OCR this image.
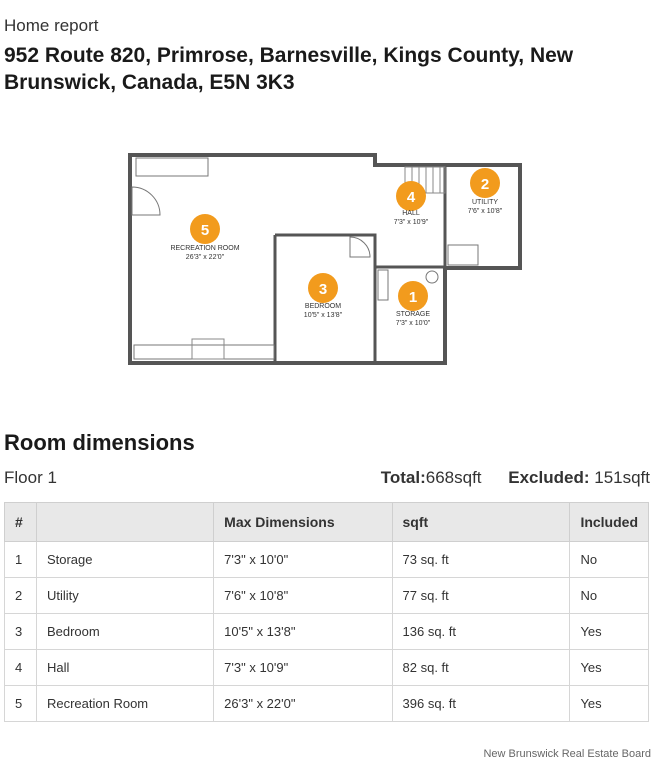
Home report
952 Route 820, Primrose, Barnesville, Kings County, New Brunswick, Canada, E5N 3K3
5
RECREATION ROOM
26'3" x 22'0"
4
HALL
7'3" x 10'9"
2
UTILITY
7'6" x 10'8"
3
BEDROOM
10'5" x 13'8"
1
STORAGE
7'3" x 10'0"
Room dimensions
Floor 1	Total:668sqft Excluded: 151sqft
#		Max Dimensions	sqft	Included
1	Storage	7'3" x 10'0"	73 sq. ft	No
2	Utility	7'6" x 10'8"	77 sq. ft	No
3	Bedroom	10'5" x 13'8"	136 sq. ft	Yes
4	Hall	7'3" x 10'9"	82 sq. ft	Yes
5	Recreation Room	26'3" x 22'0"	396 sq. ft	Yes
New Brunswick Real Estate Board
